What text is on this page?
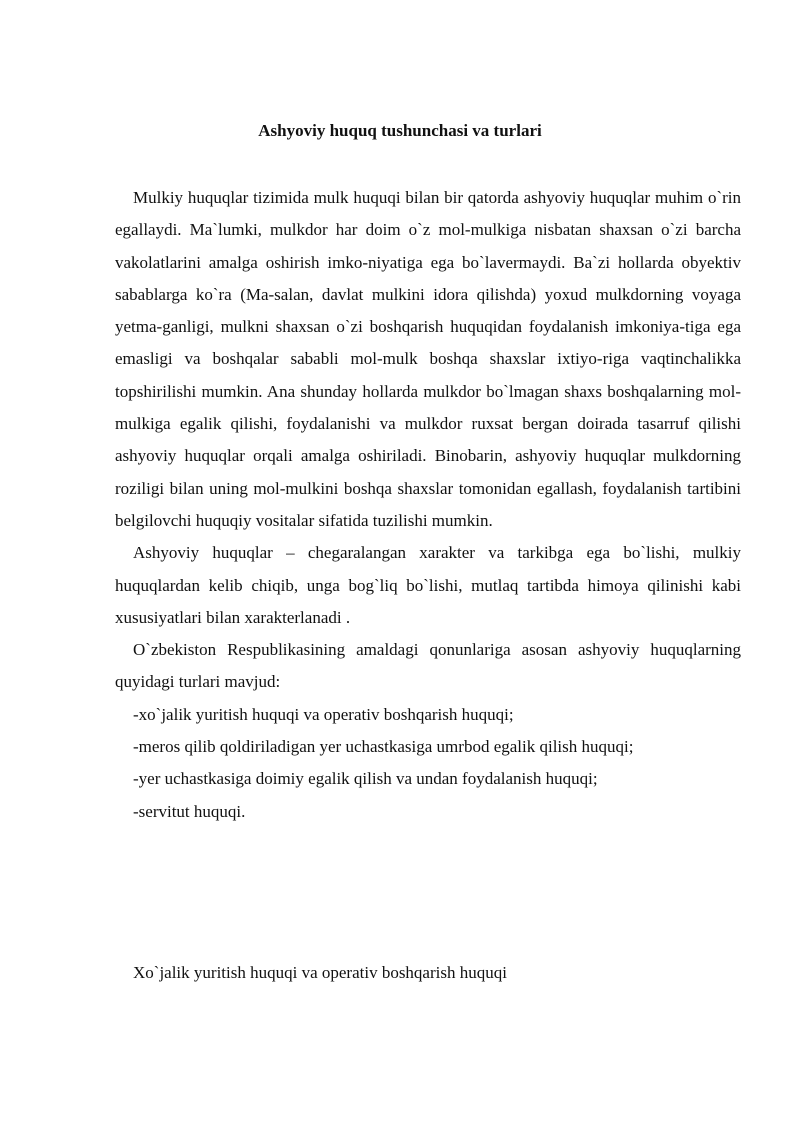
Ashyoviy huquq tushunchasi va turlari

Mulkiy huquqlar tizimida mulk huquqi bilan bir qatorda ashyoviy huquqlar muhim o`rin egallaydi. Ma`lumki, mulkdor har doim o`z mol-mulkiga nisbatan shaxsan o`zi barcha vakolatlarini amalga oshirish imko-niyatiga ega bo`lavermaydi. Ba`zi hollarda obyektiv sabablarga ko`ra (Ma-salan, davlat mulkini idora qilishda) yoxud mulkdorning voyaga yetma-ganligi, mulkni shaxsan o`zi boshqarish huquqidan foydalanish imkoniya-tiga ega emasligi va boshqalar sababli mol-mulk boshqa shaxslar ixtiyo-riga vaqtinchalikka topshirilishi mumkin. Ana shunday hollarda mulkdor bo`lmagan shaxs boshqalarning mol-mulkiga egalik qilishi, foydalanishi va mulkdor ruxsat bergan doirada tasarruf qilishi ashyoviy huquqlar orqali amalga oshiriladi. Binobarin, ashyoviy huquqlar mulkdorning roziligi bilan uning mol-mulkini boshqa shaxslar tomonidan egallash, foydalanish tartibini belgilovchi huquqiy vositalar sifatida tuzilishi mumkin.

Ashyoviy huquqlar – chegaralangan xarakter va tarkibga ega bo`lishi, mulkiy huquqlardan kelib chiqib, unga bog`liq bo`lishi, mutlaq tartibda himoya qilinishi kabi xususiyatlari bilan xarakterlanadi .

O`zbekiston Respublikasining amaldagi qonunlariga asosan ashyoviy huquqlarning quyidagi turlari mavjud:

-xo`jalik yuritish huquqi va operativ boshqarish huquqi;

-meros qilib qoldiriladigan yer uchastkasiga umrbod egalik qilish huquqi;

-yer uchastkasiga doimiy egalik qilish va undan foydalanish huquqi;

-servitut huquqi.

Xo`jalik yuritish huquqi va operativ boshqarish huquqi
